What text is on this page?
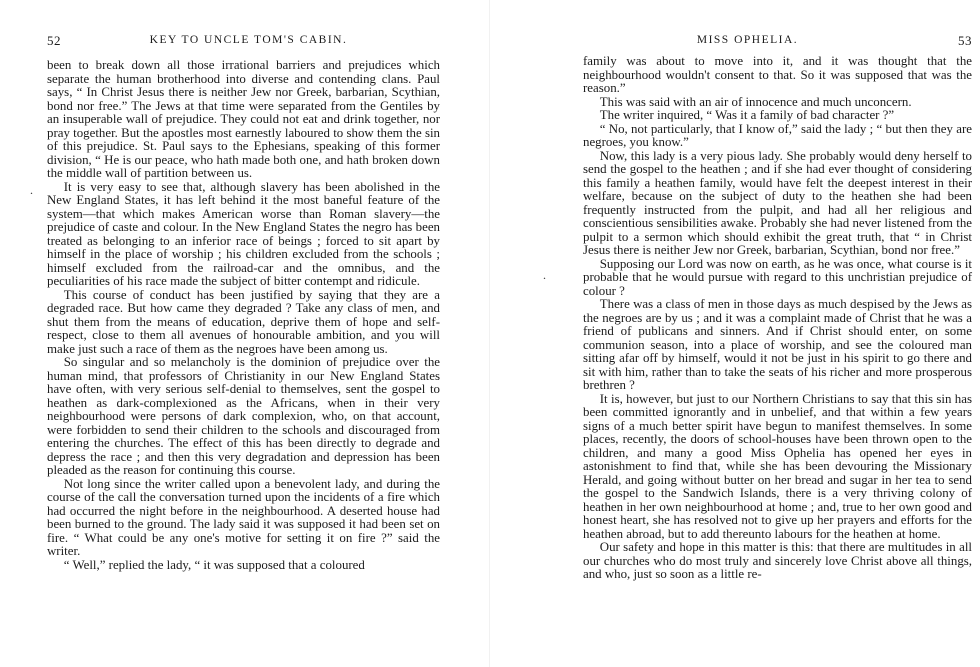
52	KEY TO UNCLE TOM'S CABIN.

been to break down all those irrational barriers and prejudices which separate the human brotherhood into diverse and contending clans. Paul says, “ In Christ Jesus there is neither Jew nor Greek, barbarian, Scythian, bond nor free.” The Jews at that time were separated from the Gentiles by an insuperable wall of prejudice. They could not eat and drink together, nor pray together. But the apostles most earnestly laboured to show them the sin of this prejudice. St. Paul says to the Ephesians, speaking of this former division, “ He is our peace, who hath made both one, and hath broken down the middle wall of partition between us.

It is very easy to see that, although slavery has been abolished in the New England States, it has left behind it the most baneful feature of the system—that which makes American worse than Roman slavery—the prejudice of caste and colour. In the New England States the negro has been treated as belonging to an inferior race of beings ; forced to sit apart by himself in the place of worship ; his children excluded from the schools ; himself excluded from the railroad-car and the omnibus, and the peculiarities of his race made the subject of bitter contempt and ridicule.

This course of conduct has been justified by saying that they are a degraded race. But how came they degraded ? Take any class of men, and shut them from the means of education, deprive them of hope and self-respect, close to them all avenues of honourable ambition, and you will make just such a race of them as the negroes have been among us.

So singular and so melancholy is the dominion of prejudice over the human mind, that professors of Christianity in our New England States have often, with very serious self-denial to themselves, sent the gospel to heathen as dark-complexioned as the Africans, when in their very neighbourhood were persons of dark complexion, who, on that account, were forbidden to send their children to the schools and discouraged from entering the churches. The effect of this has been directly to degrade and depress the race ; and then this very degradation and depression has been pleaded as the reason for continuing this course.

Not long since the writer called upon a benevolent lady, and during the course of the call the conversation turned upon the incidents of a fire which had occurred the night before in the neighbourhood. A deserted house had been burned to the ground. The lady said it was supposed it had been set on fire. “ What could be any one's motive for setting it on fire ?” said the writer.

“ Well,” replied the lady, “ it was supposed that a coloured

.
.
MISS OPHELIA.	53

family was about to move into it, and it was thought that the neighbourhood wouldn't consent to that. So it was supposed that was the reason.”

This was said with an air of innocence and much unconcern.

The writer inquired, “ Was it a family of bad character ?”

“ No, not particularly, that I know of,” said the lady ; “ but then they are negroes, you know.”

Now, this lady is a very pious lady. She probably would deny herself to send the gospel to the heathen ; and if she had ever thought of considering this family a heathen family, would have felt the deepest interest in their welfare, because on the subject of duty to the heathen she had been frequently instructed from the pulpit, and had all her religious and conscientious sensibilities awake. Probably she had never listened from the pulpit to a sermon which should exhibit the great truth, that “ in Christ Jesus there is neither Jew nor Greek, barbarian, Scythian, bond nor free.”

Supposing our Lord was now on earth, as he was once, what course is it probable that he would pursue with regard to this unchristian prejudice of colour ?

There was a class of men in those days as much despised by the Jews as the negroes are by us ; and it was a complaint made of Christ that he was a friend of publicans and sinners. And if Christ should enter, on some communion season, into a place of worship, and see the coloured man sitting afar off by himself, would it not be just in his spirit to go there and sit with him, rather than to take the seats of his richer and more prosperous brethren ?

It is, however, but just to our Northern Christians to say that this sin has been committed ignorantly and in unbelief, and that within a few years signs of a much better spirit have begun to manifest themselves. In some places, recently, the doors of school-houses have been thrown open to the children, and many a good Miss Ophelia has opened her eyes in astonishment to find that, while she has been devouring the Missionary Herald, and going without butter on her bread and sugar in her tea to send the gospel to the Sandwich Islands, there is a very thriving colony of heathen in her own neighbourhood at home ; and, true to her own good and honest heart, she has resolved not to give up her prayers and efforts for the heathen abroad, but to add thereunto labours for the heathen at home.

Our safety and hope in this matter is this: that there are multitudes in all our churches who do most truly and sincerely love Christ above all things, and who, just so soon as a little re-
